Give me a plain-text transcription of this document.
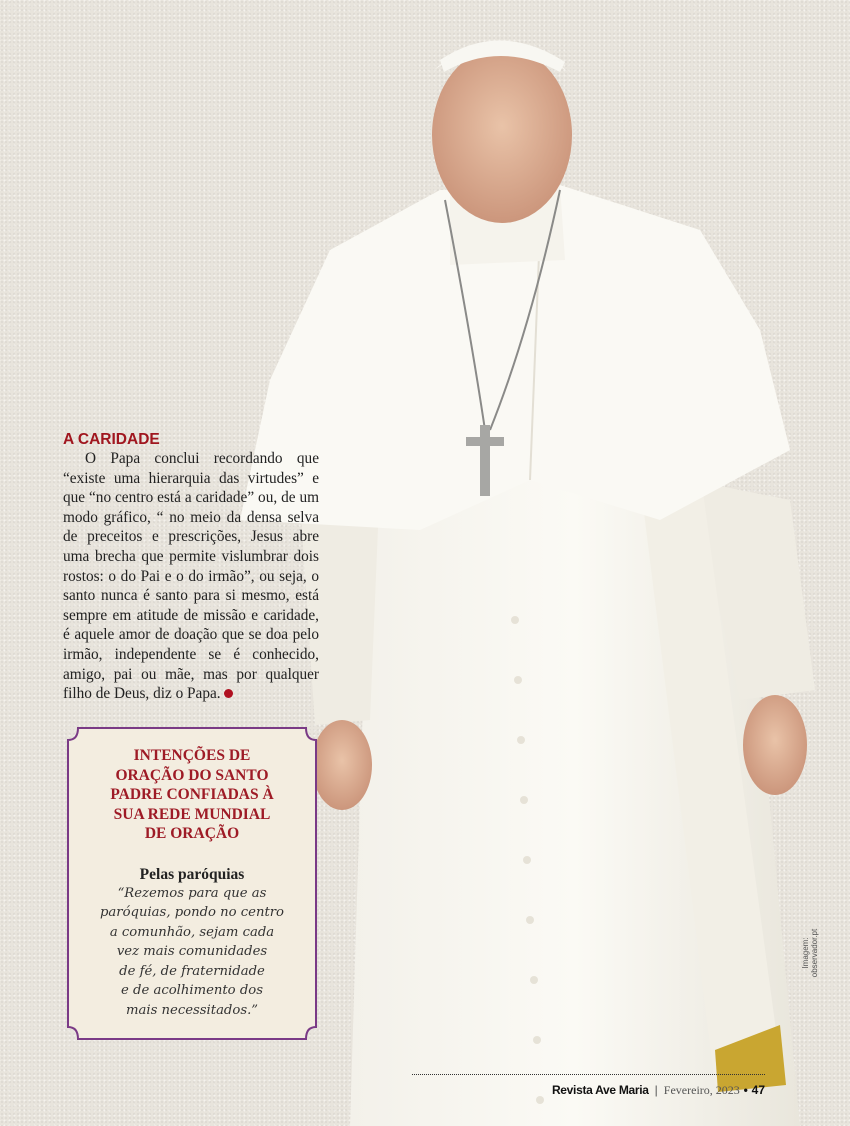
A CARIDADE
O Papa conclui recordando que
“existe uma hierarquia das virtudes” e
que “no centro está a caridade” ou, de um
modo gráfico, “ no meio da densa selva
de preceitos e prescrições, Jesus abre
uma brecha que permite vislumbrar dois
rostos: o do Pai e o do irmão”, ou seja, o
santo nunca é santo para si mesmo, está
sempre em atitude de missão e caridade,
é aquele amor de doação que se doa pelo
irmão, independente se é conhecido,
amigo, pai ou mãe, mas por qualquer
filho de Deus, diz o Papa.
INTENÇÕES DE
ORAÇÃO DO SANTO
PADRE CONFIADAS À
SUA REDE MUNDIAL
DE ORAÇÃO
Pelas paróquias
“Rezemos para que as
paróquias, pondo no centro
a comunhão, sejam cada
vez mais comunidades
de fé, de fraternidade
e de acolhimento dos
mais necessitados.”
Imagem: observador.pt
Revista Ave Maria | Fevereiro, 2023 • 47
